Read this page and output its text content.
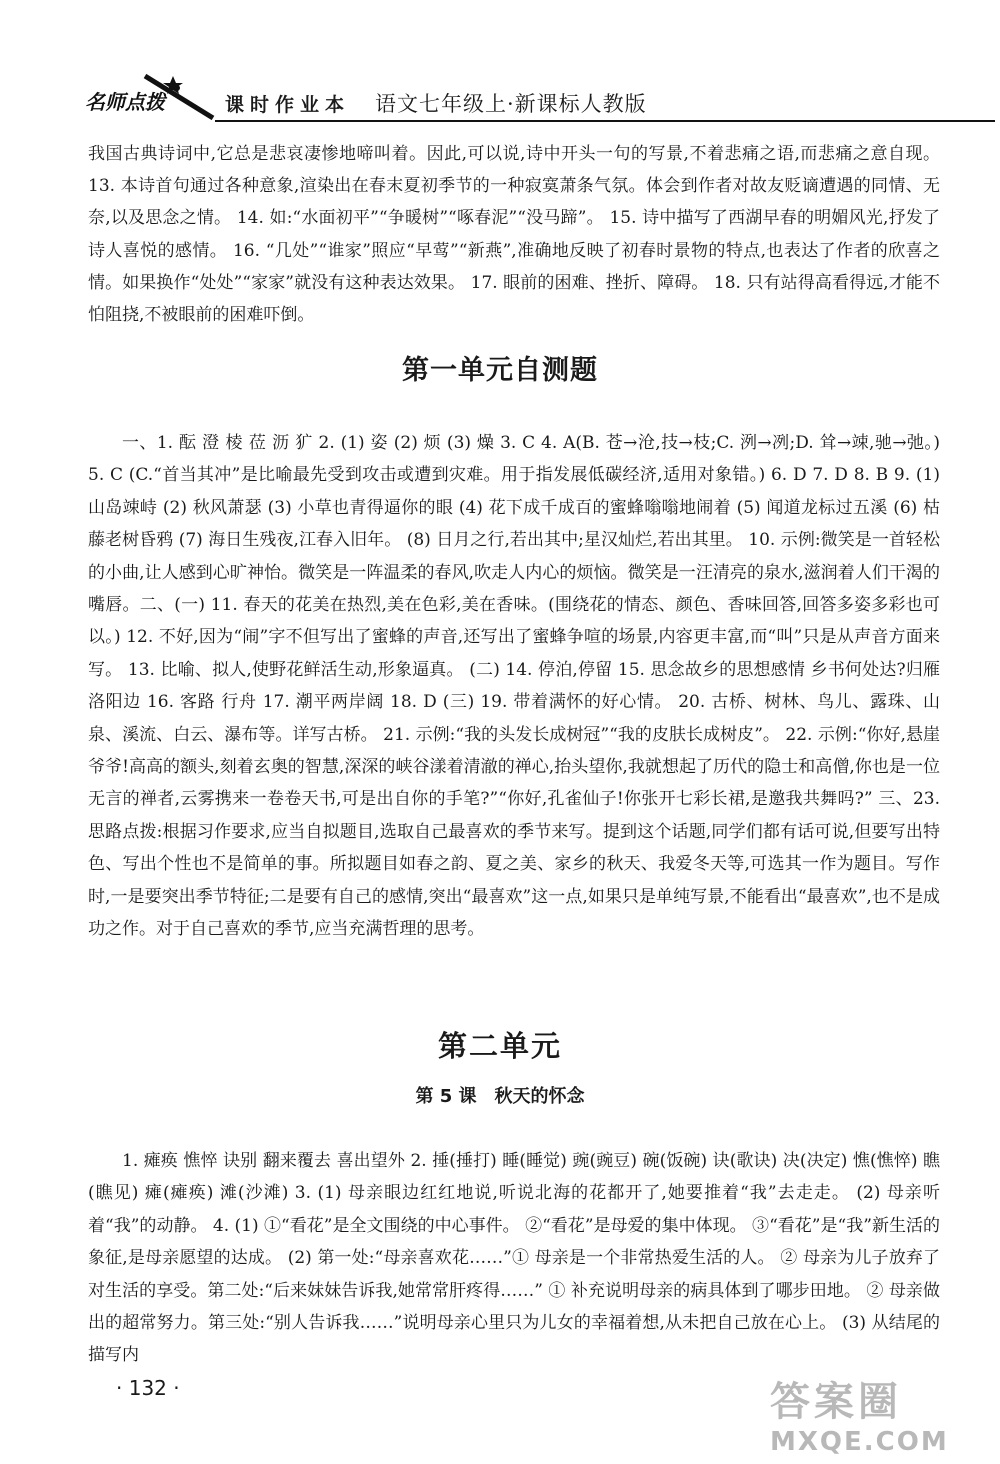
名师点拨	课时作业本 语文七年级上·新课标人教版

我国古典诗词中,它总是悲哀凄惨地啼叫着。因此,可以说,诗中开头一句的写景,不着悲痛之语,而悲痛之意自现。 13. 本诗首句通过各种意象,渲染出在春末夏初季节的一种寂寞萧条气氛。体会到作者对故友贬谪遭遇的同情、无奈,以及思念之情。 14. 如:“水面初平”“争暖树”“啄春泥”“没马蹄”。 15. 诗中描写了西湖早春的明媚风光,抒发了诗人喜悦的感情。 16. “几处”“谁家”照应“早莺”“新燕”,准确地反映了初春时景物的特点,也表达了作者的欣喜之情。如果换作“处处”“家家”就没有这种表达效果。 17. 眼前的困难、挫折、障碍。 18. 只有站得高看得远,才能不怕阻挠,不被眼前的困难吓倒。

第一单元自测题

一、1. 酝 澄 棱 莅 沥 犷 2. (1) 姿 (2) 烦 (3) 燥 3. C 4. A(B. 苍→沧,技→枝;C. 洌→冽;D. 耸→竦,驰→弛。) 5. C (C.“首当其冲”是比喻最先受到攻击或遭到灾难。用于指发展低碳经济,适用对象错。) 6. D 7. D 8. B 9. (1) 山岛竦峙 (2) 秋风萧瑟 (3) 小草也青得逼你的眼 (4) 花下成千成百的蜜蜂嗡嗡地闹着 (5) 闻道龙标过五溪 (6) 枯藤老树昏鸦 (7) 海日生残夜,江春入旧年。 (8) 日月之行,若出其中;星汉灿烂,若出其里。 10. 示例:微笑是一首轻松的小曲,让人感到心旷神怡。微笑是一阵温柔的春风,吹走人内心的烦恼。微笑是一汪清亮的泉水,滋润着人们干渴的嘴唇。二、(一) 11. 春天的花美在热烈,美在色彩,美在香味。(围绕花的情态、颜色、香味回答,回答多姿多彩也可以。) 12. 不好,因为“闹”字不但写出了蜜蜂的声音,还写出了蜜蜂争喧的场景,内容更丰富,而“叫”只是从声音方面来写。 13. 比喻、拟人,使野花鲜活生动,形象逼真。 (二) 14. 停泊,停留 15. 思念故乡的思想感情 乡书何处达?归雁洛阳边 16. 客路 行舟 17. 潮平两岸阔 18. D (三) 19. 带着满怀的好心情。 20. 古桥、树林、鸟儿、露珠、山泉、溪流、白云、瀑布等。详写古桥。 21. 示例:“我的头发长成树冠”“我的皮肤长成树皮”。 22. 示例:“你好,悬崖爷爷!高高的额头,刻着玄奥的智慧,深深的峡谷漾着清澈的禅心,抬头望你,我就想起了历代的隐士和高僧,你也是一位无言的禅者,云雾携来一卷卷天书,可是出自你的手笔?”“你好,孔雀仙子!你张开七彩长裙,是邀我共舞吗?” 三、23. 思路点拨:根据习作要求,应当自拟题目,选取自己最喜欢的季节来写。提到这个话题,同学们都有话可说,但要写出特色、写出个性也不是简单的事。所拟题目如春之韵、夏之美、家乡的秋天、我爱冬天等,可选其一作为题目。写作时,一是要突出季节特征;二是要有自己的感情,突出“最喜欢”这一点,如果只是单纯写景,不能看出“最喜欢”,也不是成功之作。对于自己喜欢的季节,应当充满哲理的思考。

第二单元
第 5 课　秋天的怀念

1. 瘫痪 憔悴 诀别 翻来覆去 喜出望外 2. 捶(捶打) 睡(睡觉) 豌(豌豆) 碗(饭碗) 诀(歌诀) 决(决定) 憔(憔悴) 瞧(瞧见) 瘫(瘫痪) 滩(沙滩) 3. (1) 母亲眼边红红地说,听说北海的花都开了,她要推着“我”去走走。 (2) 母亲听着“我”的动静。 4. (1) ①“看花”是全文围绕的中心事件。 ②“看花”是母爱的集中体现。 ③“看花”是“我”新生活的象征,是母亲愿望的达成。 (2) 第一处:“母亲喜欢花……”① 母亲是一个非常热爱生活的人。 ② 母亲为儿子放弃了对生活的享受。第二处:“后来妹妹告诉我,她常常肝疼得……” ① 补充说明母亲的病具体到了哪步田地。 ② 母亲做出的超常努力。第三处:“别人告诉我……”说明母亲心里只为儿女的幸福着想,从未把自己放在心上。 (3) 从结尾的描写内

· 132 ·	答案圈
MXQE.COM
